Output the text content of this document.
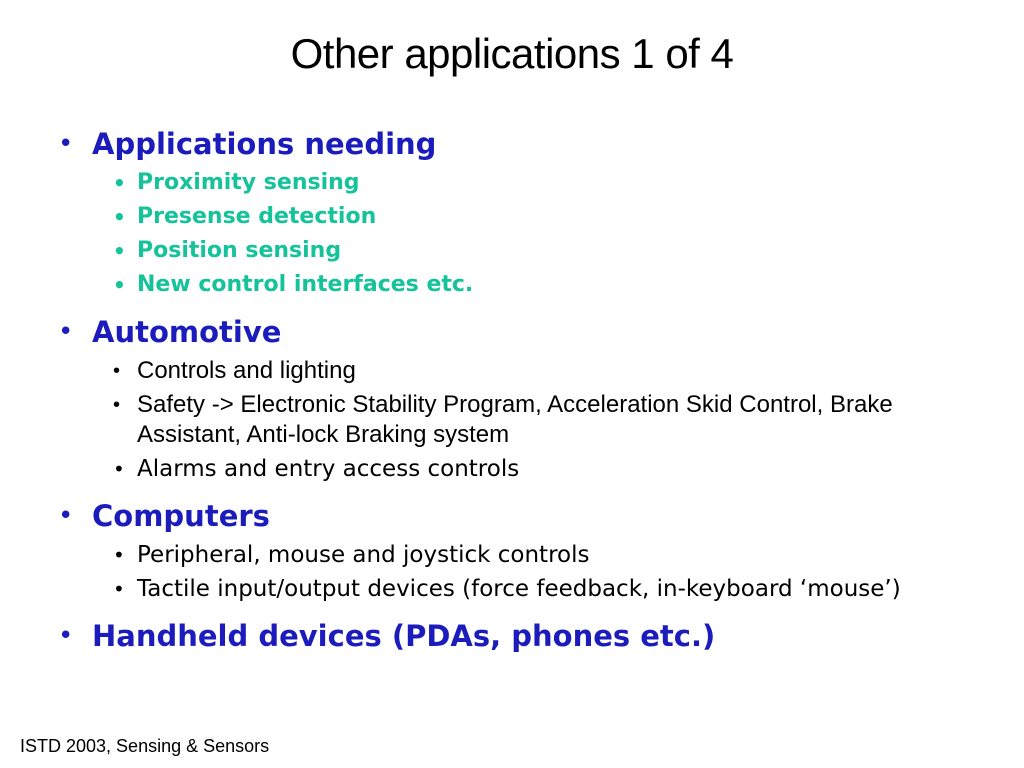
Other applications 1 of 4
• Applications needing
• Proximity sensing
• Presense detection
• Position sensing
• New control interfaces etc.
• Automotive
• Controls and lighting
• Safety -> Electronic Stability Program, Acceleration Skid Control, Brake Assistant, Anti-lock Braking system
• Alarms and entry access controls
• Computers
• Peripheral, mouse and joystick controls
• Tactile input/output devices (force feedback, in-keyboard ‘mouse’)
• Handheld devices (PDAs, phones etc.)
ISTD 2003, Sensing & Sensors
